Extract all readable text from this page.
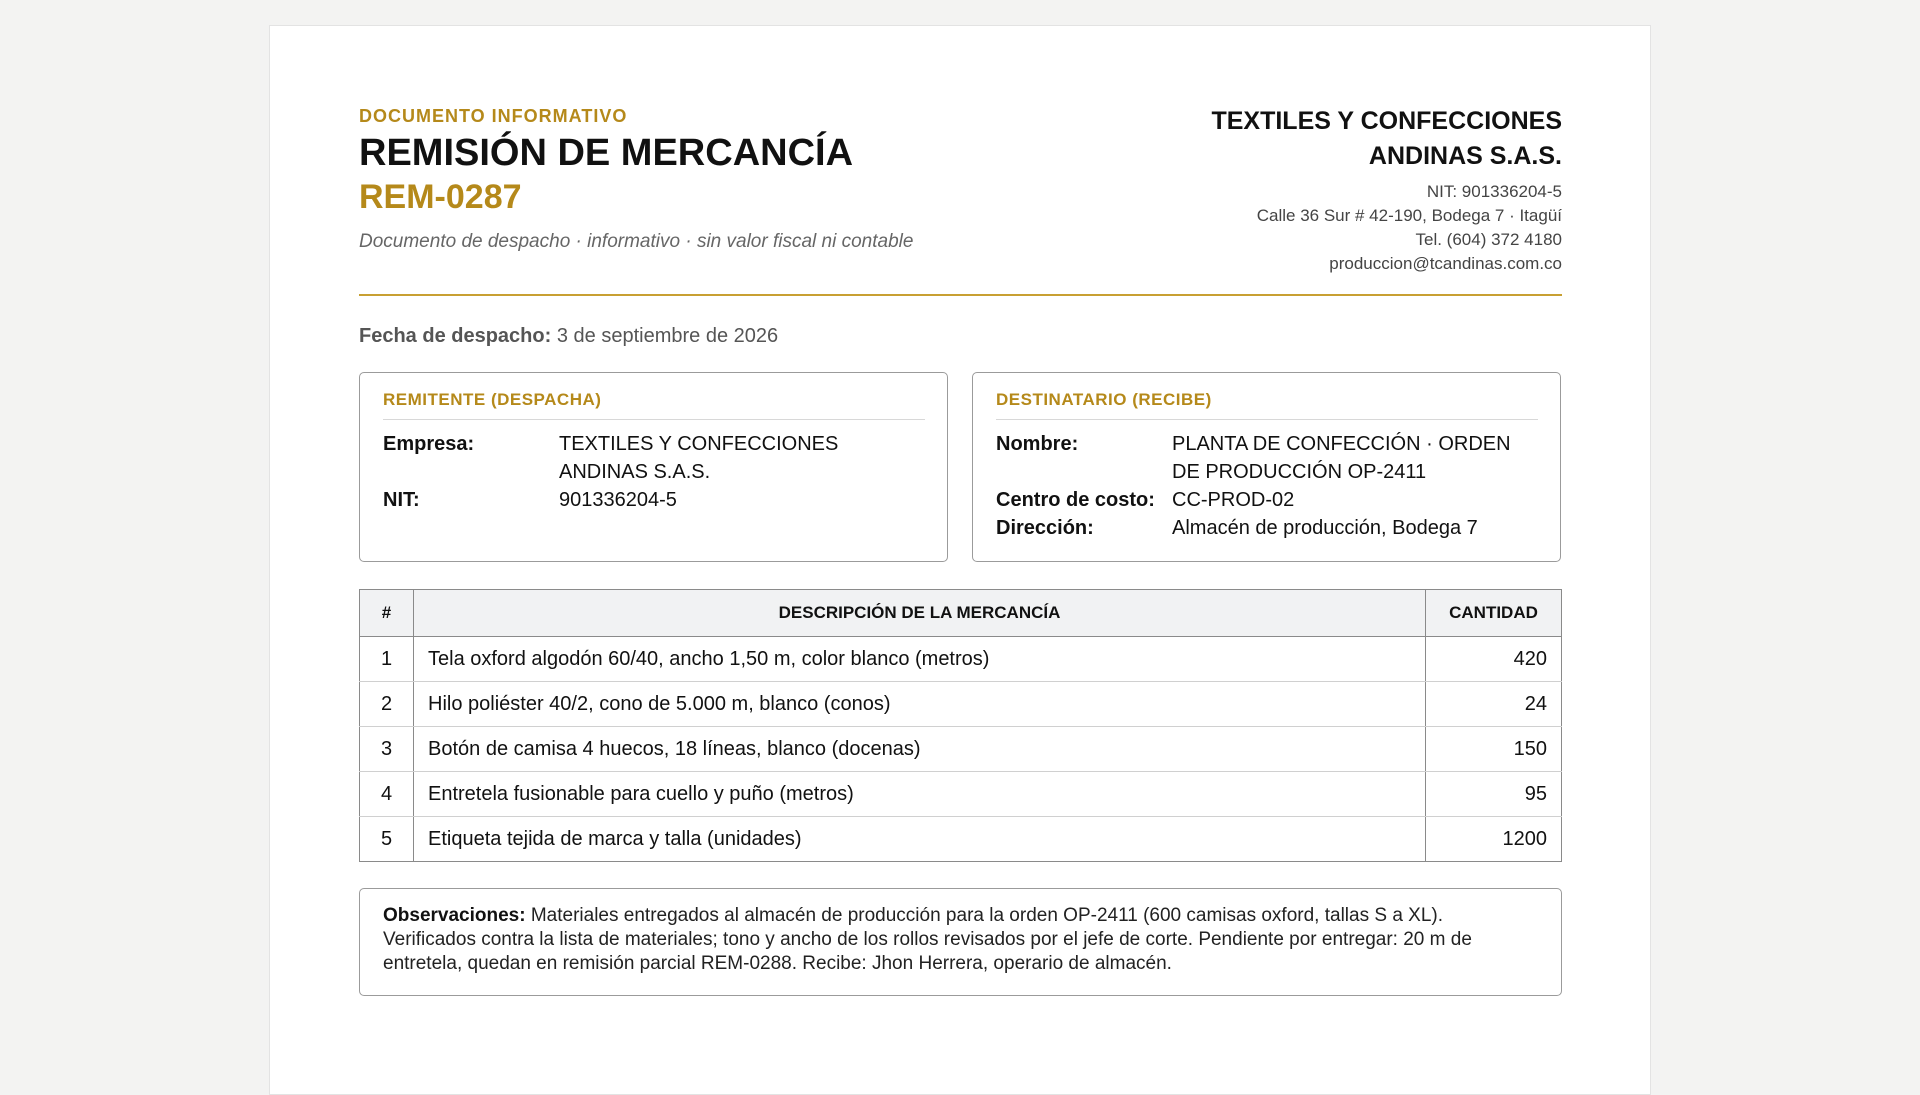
DOCUMENTO INFORMATIVO
REMISIÓN DE MERCANCÍA
REM-0287
Documento de despacho · informativo · sin valor fiscal ni contable
TEXTILES Y CONFECCIONES
ANDINAS S.A.S.
NIT: 901336204-5
Calle 36 Sur # 42-190, Bodega 7 · Itagüí
Tel. (604) 372 4180
produccion@tcandinas.com.co
Fecha de despacho: 3 de septiembre de 2026
REMITENTE (DESPACHA)
Empresa:	TEXTILES Y CONFECCIONES
ANDINAS S.A.S.
NIT:	901336204-5
DESTINATARIO (RECIBE)
Nombre:	PLANTA DE CONFECCIÓN · ORDEN
DE PRODUCCIÓN OP-2411
Centro de costo: CC-PROD-02
Dirección:	Almacén de producción, Bodega 7
#	DESCRIPCIÓN DE LA MERCANCÍA	CANTIDAD
1	Tela oxford algodón 60/40, ancho 1,50 m, color blanco (metros)	420
2	Hilo poliéster 40/2, cono de 5.000 m, blanco (conos)	24
3	Botón de camisa 4 huecos, 18 líneas, blanco (docenas)	150
4	Entretela fusionable para cuello y puño (metros)	95
5	Etiqueta tejida de marca y talla (unidades)	1200
Observaciones: Materiales entregados al almacén de producción para la orden OP-2411 (600 camisas oxford, tallas S a XL). Verificados contra la lista de materiales; tono y ancho de los rollos revisados por el jefe de corte. Pendiente por entregar: 20 m de entretela, quedan en remisión parcial REM-0288. Recibe: Jhon Herrera, operario de almacén.
